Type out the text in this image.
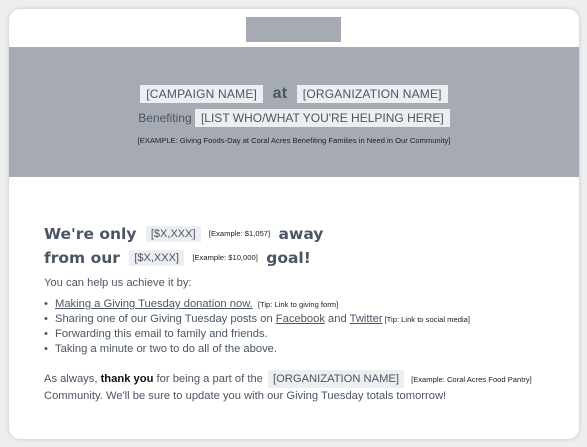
[CAMPAIGN NAME] at [ORGANIZATION NAME]
Benefiting [LIST WHO/WHAT YOU'RE HELPING HERE]
[EXAMPLE: Giving Foods-Day at Coral Acres Benefiting Families in Need in Our Community]
We're only [$X,XXX] [Example: $1,057] away
from our [$X,XXX] [Example: $10,000] goal!
You can help us achieve it by:
• Making a Giving Tuesday donation now. [Tip: Link to giving form]
• Sharing one of our Giving Tuesday posts on Facebook and Twitter [Tip: Link to social media]
• Forwarding this email to family and friends.
• Taking a minute or two to do all of the above.
As always, thank you for being a part of the [ORGANIZATION NAME] [Example: Coral Acres Food Pantry]
Community. We'll be sure to update you with our Giving Tuesday totals tomorrow!
